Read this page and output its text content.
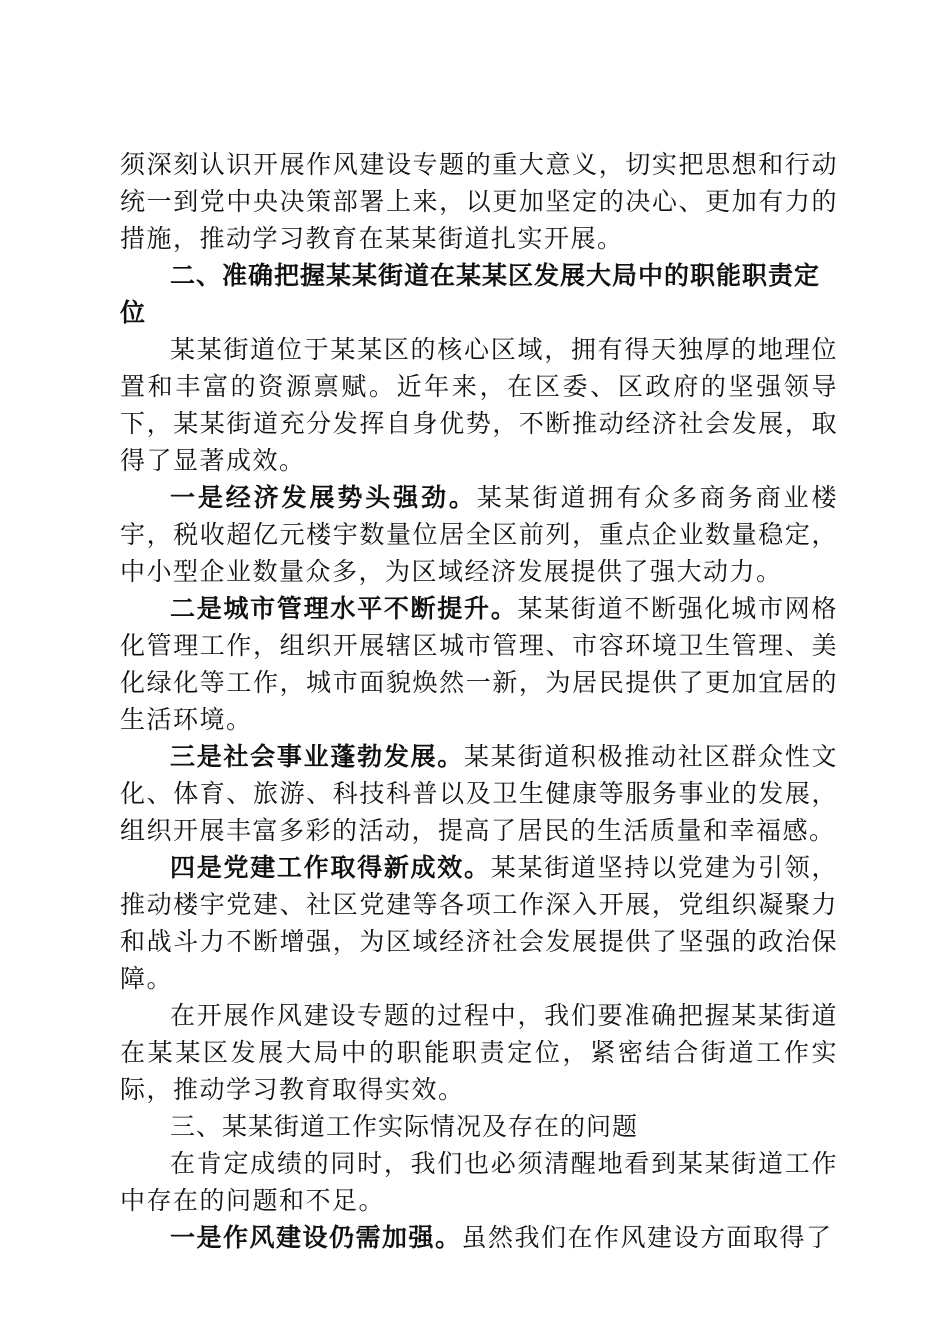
须深刻认识开展作风建设专题的重大意义，切实把思想和行动统一到党中央决策部署上来，以更加坚定的决心、更加有力的措施，推动学习教育在某某街道扎实开展。

二、准确把握某某街道在某某区发展大局中的职能职责定位

某某街道位于某某区的核心区域，拥有得天独厚的地理位置和丰富的资源禀赋。近年来，在区委、区政府的坚强领导下，某某街道充分发挥自身优势，不断推动经济社会发展，取得了显著成效。

一是经济发展势头强劲。某某街道拥有众多商务商业楼宇，税收超亿元楼宇数量位居全区前列，重点企业数量稳定，中小型企业数量众多，为区域经济发展提供了强大动力。

二是城市管理水平不断提升。某某街道不断强化城市网格化管理工作，组织开展辖区城市管理、市容环境卫生管理、美化绿化等工作，城市面貌焕然一新，为居民提供了更加宜居的生活环境。

三是社会事业蓬勃发展。某某街道积极推动社区群众性文化、体育、旅游、科技科普以及卫生健康等服务事业的发展，组织开展丰富多彩的活动，提高了居民的生活质量和幸福感。

四是党建工作取得新成效。某某街道坚持以党建为引领，推动楼宇党建、社区党建等各项工作深入开展，党组织凝聚力和战斗力不断增强，为区域经济社会发展提供了坚强的政治保障。

在开展作风建设专题的过程中，我们要准确把握某某街道在某某区发展大局中的职能职责定位，紧密结合街道工作实际，推动学习教育取得实效。

三、某某街道工作实际情况及存在的问题

在肯定成绩的同时，我们也必须清醒地看到某某街道工作中存在的问题和不足。

一是作风建设仍需加强。虽然我们在作风建设方面取得了
